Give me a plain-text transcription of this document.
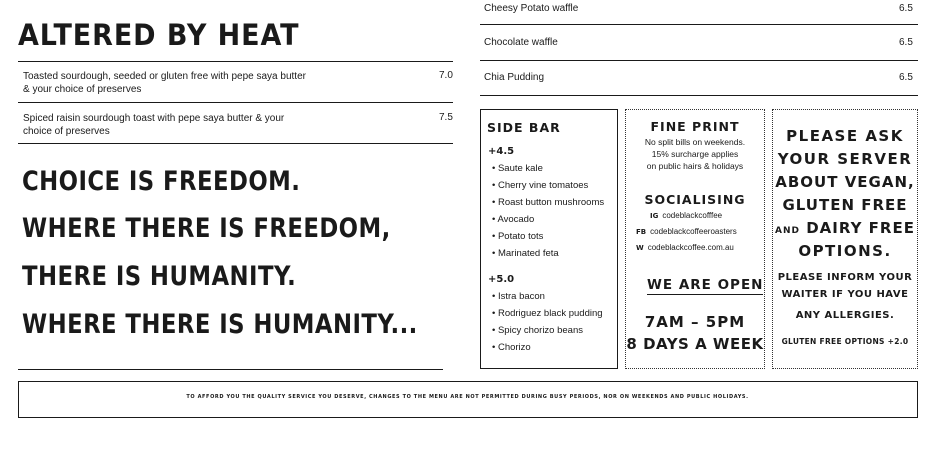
ALTERED BY HEAT
Toasted sourdough, seeded or gluten free with pepe saya butter
& your choice of preserves
7.0
Spiced raisin sourdough toast with pepe saya butter & your
choice of preserves
7.5
CHOICE IS FREEDOM.
WHERE THERE IS FREEDOM,
THERE IS HUMANITY.
WHERE THERE IS HUMANITY...
Cheesy Potato waffle	6.5
Chocolate waffle	6.5
Chia Pudding	6.5
SIDE BAR
+4.5
• Saute kale
• Cherry vine tomatoes
• Roast button mushrooms
• Avocado
• Potato tots
• Marinated feta
+5.0
• Istra bacon
• Rodriguez black pudding
• Spicy chorizo beans
• Chorizo
FINE PRINT
No split bills on weekends.
15% surcharge applies
on public hairs & holidays
SOCIALISING
IG codeblackcofffee
FB codeblackcoffeeroasters
W codeblackcoffee.com.au
WE ARE OPEN
7AM – 5PM
8 DAYS A WEEK
PLEASE ASK
YOUR SERVER
ABOUT VEGAN,
GLUTEN FREE
AND DAIRY FREE
OPTIONS.
PLEASE INFORM YOUR
WAITER IF YOU HAVE
ANY ALLERGIES.
GLUTEN FREE OPTIONS +2.0
TO AFFORD YOU THE QUALITY SERVICE YOU DESERVE, CHANGES TO THE MENU ARE NOT PERMITTED DURING BUSY PERIODS, NOR ON WEEKENDS AND PUBLIC HOLIDAYS.
